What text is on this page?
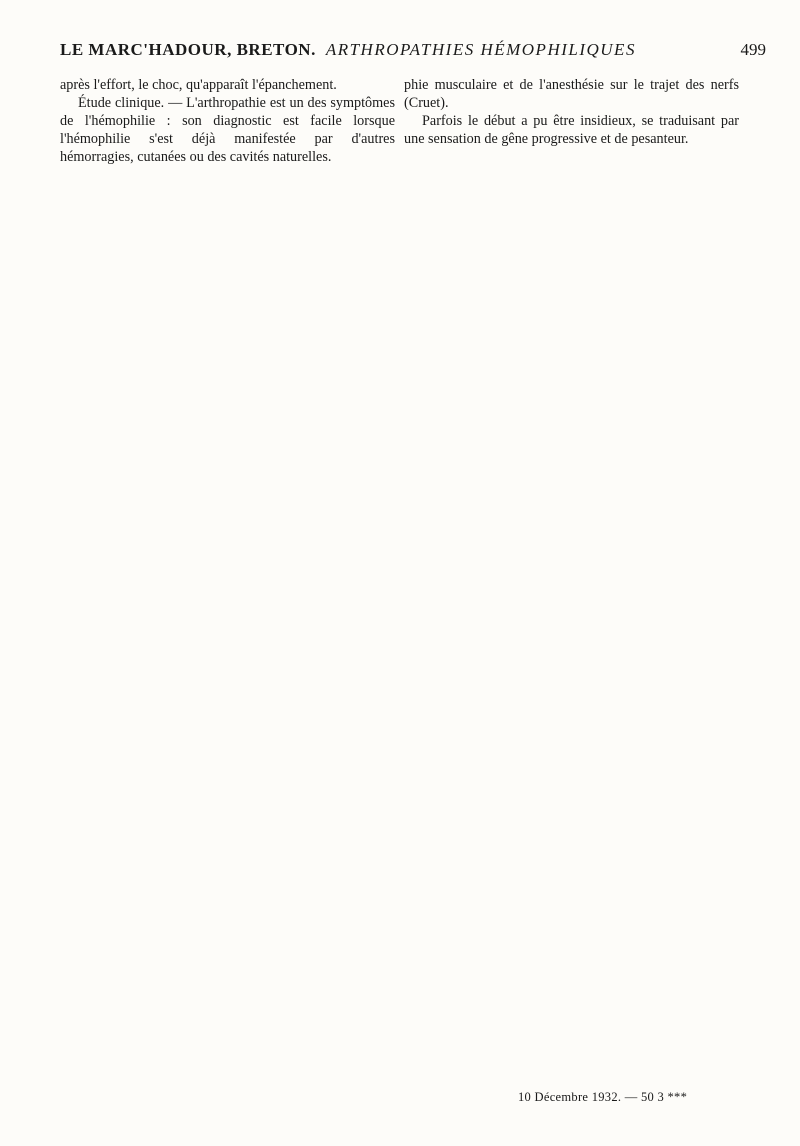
LE MARC'HADOUR, BRETON. ARTHROPATHIES HÉMOPHILIQUES	499

après l'effort, le choc, qu'apparaît l'épanchement.

Étude clinique. — L'arthropathie est un des symptômes de l'hémophilie : son diagnostic est facile lorsque l'hémophilie s'est déjà manifestée par d'autres hémorragies, cutanées ou des cavités naturelles.

phie musculaire et de l'anesthésie sur le trajet des nerfs (Cruet).

Parfois le début a pu être insidieux, se traduisant par une sensation de gêne progressive et de pesanteur.

10 Décembre 1932. — 50 3 ***
